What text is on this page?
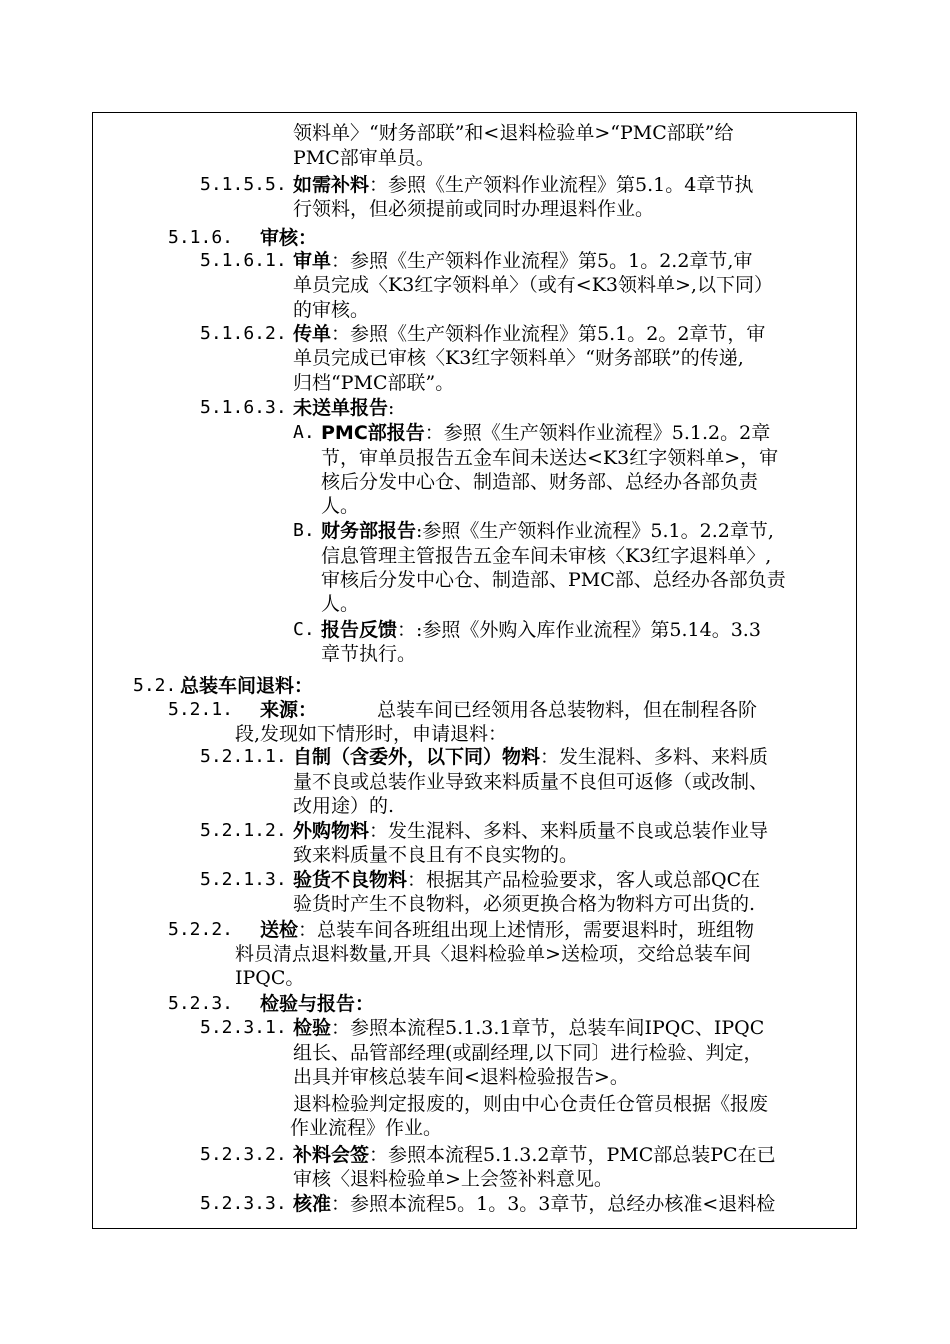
领料单〉“财务部联”和<退料检验单>“PMC部联”给
PMC部审单员。
5.1.5.5. 如需补料：参照《生产领料作业流程》第5.1。4章节执
行领料，但必须提前或同时办理退料作业。
5.1.6. 审核：
5.1.6.1. 审单：参照《生产领料作业流程》第5。1。2.2章节,审
单员完成〈K3红字领料单〉（或有<K3领料单>,以下同）
的审核。
5.1.6.2. 传单：参照《生产领料作业流程》第5.1。2。2章节，审
单员完成已审核〈K3红字领料单〉“财务部联”的传递,
归档“PMC部联”。
5.1.6.3. 未送单报告:
A. PMC部报告：参照《生产领料作业流程》5.1.2。2章
节，审单员报告五金车间未送达<K3红字领料单>，审
核后分发中心仓、制造部、财务部、总经办各部负责
人。
B. 财务部报告:参照《生产领料作业流程》5.1。2.2章节,
信息管理主管报告五金车间未审核〈K3红字退料单〉,
审核后分发中心仓、制造部、PMC部、总经办各部负责
人。
C. 报告反馈：:参照《外购入库作业流程》第5.14。3.3
章节执行。
5.2. 总装车间退料：
5.2.1. 来源：	总装车间已经领用各总装物料，但在制程各阶
段,发现如下情形时，申请退料：
5.2.1.1. 自制（含委外，以下同）物料：发生混料、多料、来料质
量不良或总装作业导致来料质量不良但可返修（或改制、
改用途）的.
5.2.1.2. 外购物料：发生混料、多料、来料质量不良或总装作业导
致来料质量不良且有不良实物的。
5.2.1.3. 验货不良物料：根据其产品检验要求，客人或总部QC在
验货时产生不良物料，必须更换合格为物料方可出货的.
5.2.2. 送检：总装车间各班组出现上述情形，需要退料时，班组物
料员清点退料数量,开具〈退料检验单>送检项，交给总装车间
IPQC。
5.2.3. 检验与报告：
5.2.3.1. 检验：参照本流程5.1.3.1章节，总装车间IPQC、IPQC
组长、品管部经理(或副经理,以下同〕进行检验、判定，
出具并审核总装车间<退料检验报告>。
退料检验判定报废的，则由中心仓责任仓管员根据《报废
作业流程》作业。
5.2.3.2. 补料会签：参照本流程5.1.3.2章节，PMC部总装PC在已
审核〈退料检验单>上会签补料意见。
5.2.3.3. 核准：参照本流程5。1。3。3章节，总经办核准<退料检
